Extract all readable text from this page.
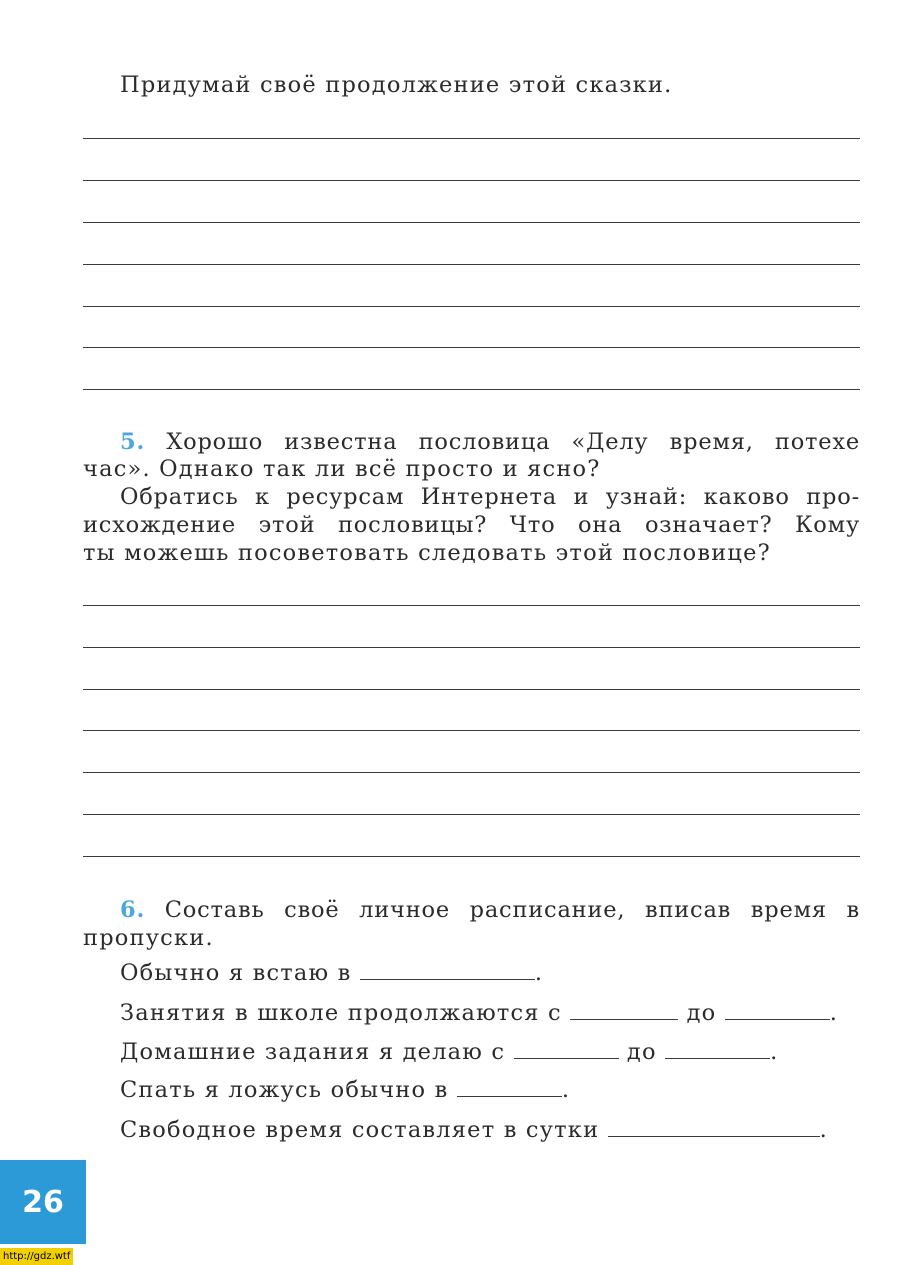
Придумай своё продолжение этой сказки.
5. Хорошо известна пословица «Делу время, потехе
час». Однако так ли всё просто и ясно?
Обратись к ресурсам Интернета и узнай: каково про-
исхождение этой пословицы? Что она означает? Кому
ты можешь посоветовать следовать этой пословице?
6. Составь своё личное расписание, вписав время в
пропуски.
Обычно я встаю в	.
Занятия в школе продолжаются с	до	.
Домашние задания я делаю с	до	.
Спать я ложусь обычно в	.
Свободное время составляет в сутки	.
26
http://gdz.wtf
